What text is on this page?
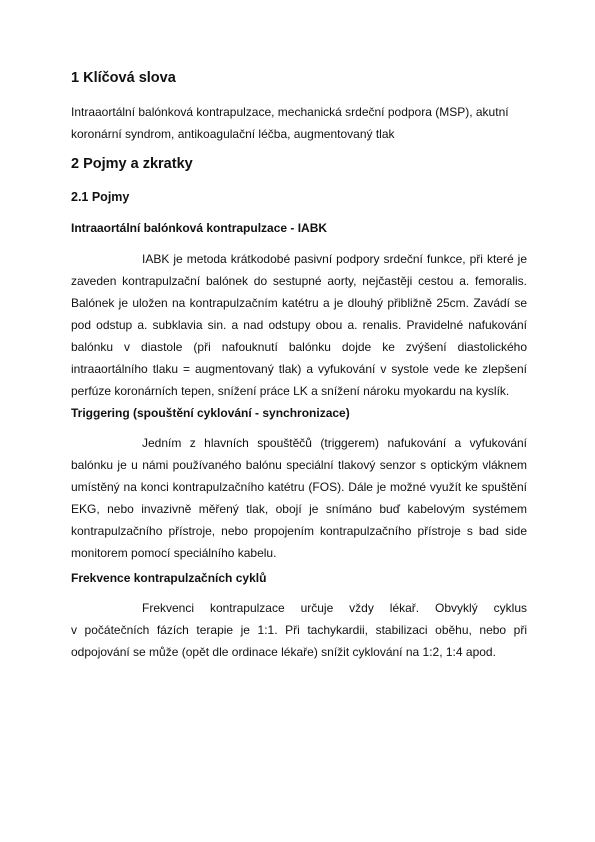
1 Klíčová slova
Intraaortální balónková kontrapulzace, mechanická srdeční podpora (MSP), akutní
koronární syndrom, antikoagulační léčba, augmentovaný tlak
2 Pojmy a zkratky
2.1 Pojmy
Intraaortální balónková kontrapulzace - IABK
IABK je metoda krátkodobé pasivní podpory srdeční funkce, při které je
zaveden kontrapulzační balónek do sestupné aorty, nejčastěji cestou a. femoralis.
Balónek je uložen na kontrapulzačním katétru a je dlouhý přibližně 25cm. Zavádí se
pod odstup a. subklavia sin. a nad odstupy obou a. renalis. Pravidelné nafukování
balónku v diastole (při nafouknutí balónku dojde ke zvýšení diastolického
intraaortálního tlaku = augmentovaný tlak) a vyfukování v systole vede ke zlepšení
perfúze koronárních tepen, snížení práce LK a snížení nároku myokardu na kyslík.
Triggering (spouštění cyklování - synchronizace)
Jedním z hlavních spouštěčů (triggerem) nafukování a vyfukování
balónku je u námi používaného balónu speciální tlakový senzor s optickým vláknem
umístěný na konci kontrapulzačního katétru (FOS). Dále je možné využít ke spuštění
EKG, nebo invazivně měřený tlak, obojí je snímáno buď kabelovým systémem
kontrapulzačního přístroje, nebo propojením kontrapulzačního přístroje s bad side
monitorem pomocí speciálního kabelu.
Frekvence kontrapulzačních cyklů
Frekvenci kontrapulzace určuje vždy lékař. Obvyklý cyklus
v počátečních fázích terapie je 1:1. Při tachykardii, stabilizaci oběhu, nebo při
odpojování se může (opět dle ordinace lékaře) snížit cyklování na 1:2, 1:4 apod.
